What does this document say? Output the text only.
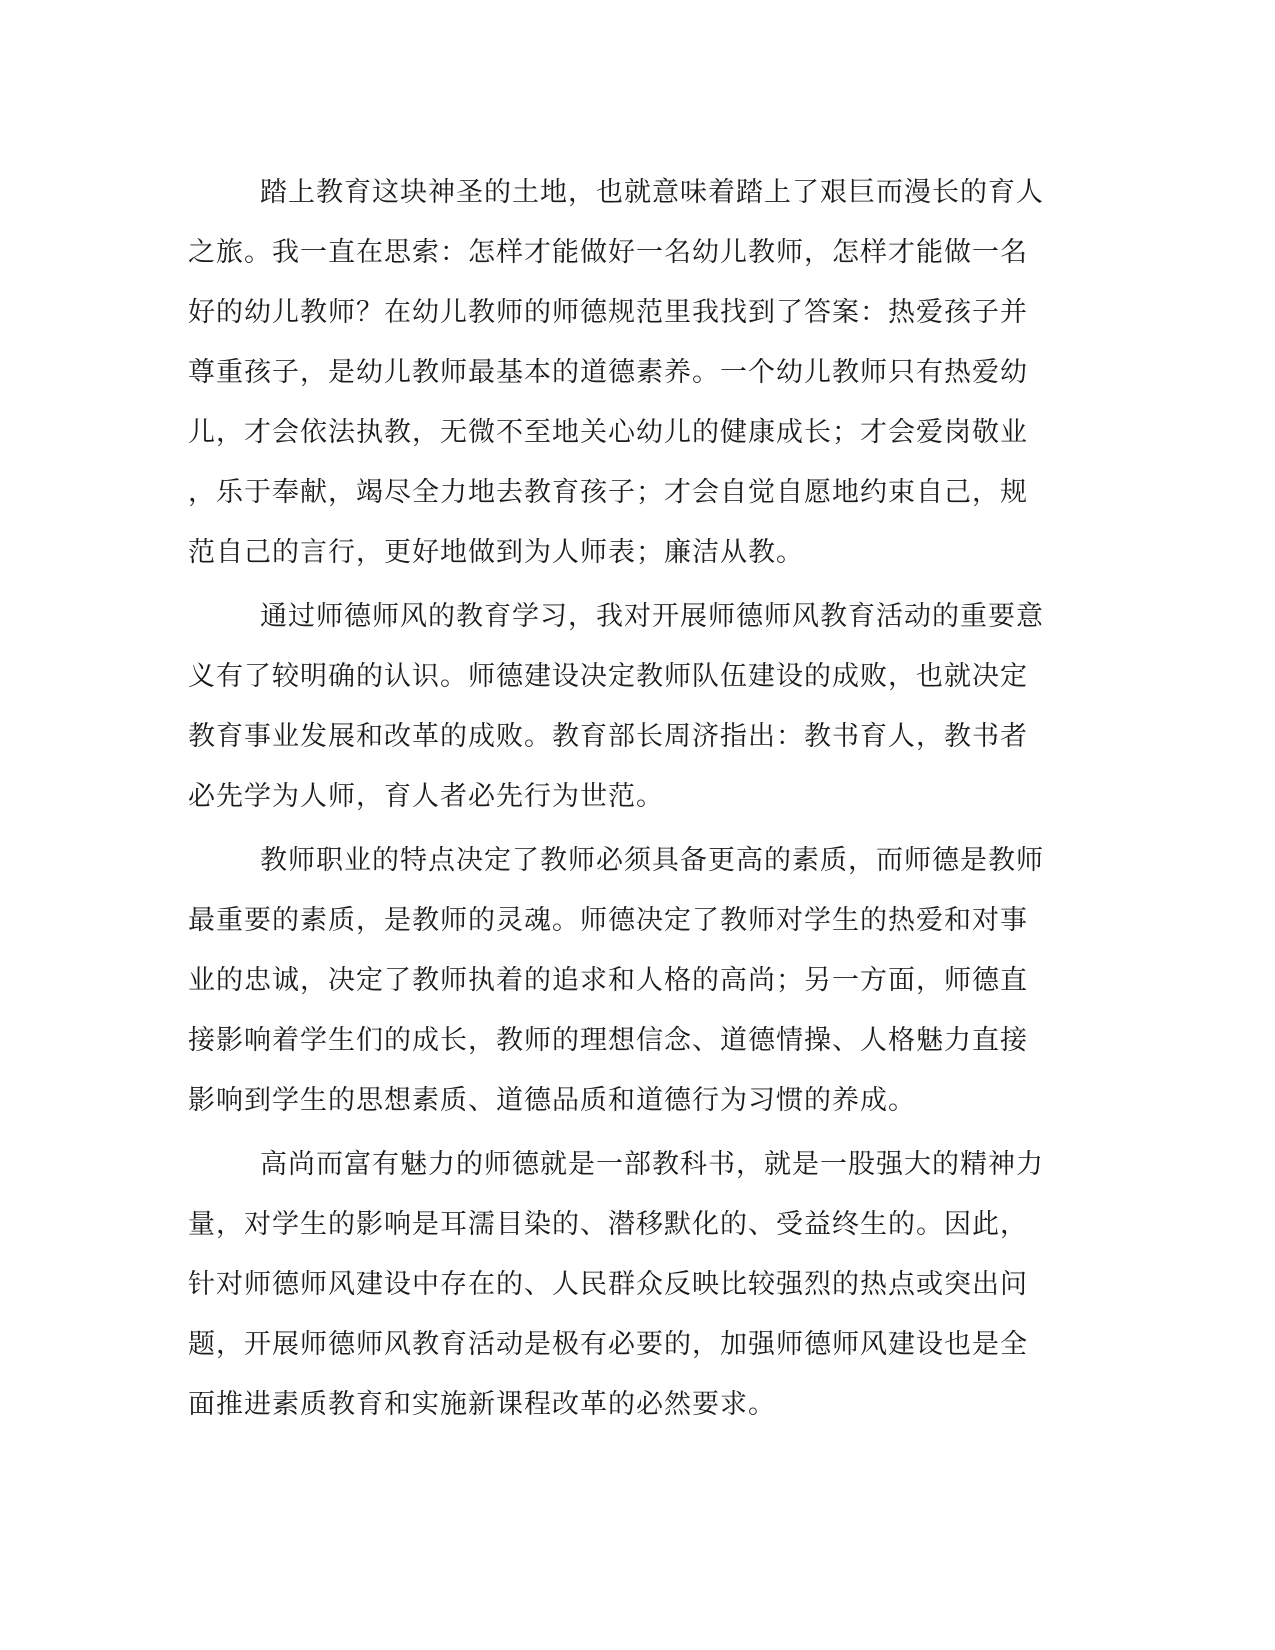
踏上教育这块神圣的土地，也就意味着踏上了艰巨而漫长的育人
之旅。我一直在思索：怎样才能做好一名幼儿教师，怎样才能做一名
好的幼儿教师？在幼儿教师的师德规范里我找到了答案：热爱孩子并
尊重孩子，是幼儿教师最基本的道德素养。一个幼儿教师只有热爱幼
儿，才会依法执教，无微不至地关心幼儿的健康成长；才会爱岗敬业
，乐于奉献，竭尽全力地去教育孩子；才会自觉自愿地约束自己，规
范自己的言行，更好地做到为人师表；廉洁从教。

通过师德师风的教育学习，我对开展师德师风教育活动的重要意
义有了较明确的认识。师德建设决定教师队伍建设的成败，也就决定
教育事业发展和改革的成败。教育部长周济指出：教书育人，教书者
必先学为人师，育人者必先行为世范。

教师职业的特点决定了教师必须具备更高的素质，而师德是教师
最重要的素质，是教师的灵魂。师德决定了教师对学生的热爱和对事
业的忠诚，决定了教师执着的追求和人格的高尚；另一方面，师德直
接影响着学生们的成长，教师的理想信念、道德情操、人格魅力直接
影响到学生的思想素质、道德品质和道德行为习惯的养成。

高尚而富有魅力的师德就是一部教科书，就是一股强大的精神力
量，对学生的影响是耳濡目染的、潜移默化的、受益终生的。因此，
针对师德师风建设中存在的、人民群众反映比较强烈的热点或突出问
题，开展师德师风教育活动是极有必要的，加强师德师风建设也是全
面推进素质教育和实施新课程改革的必然要求。
